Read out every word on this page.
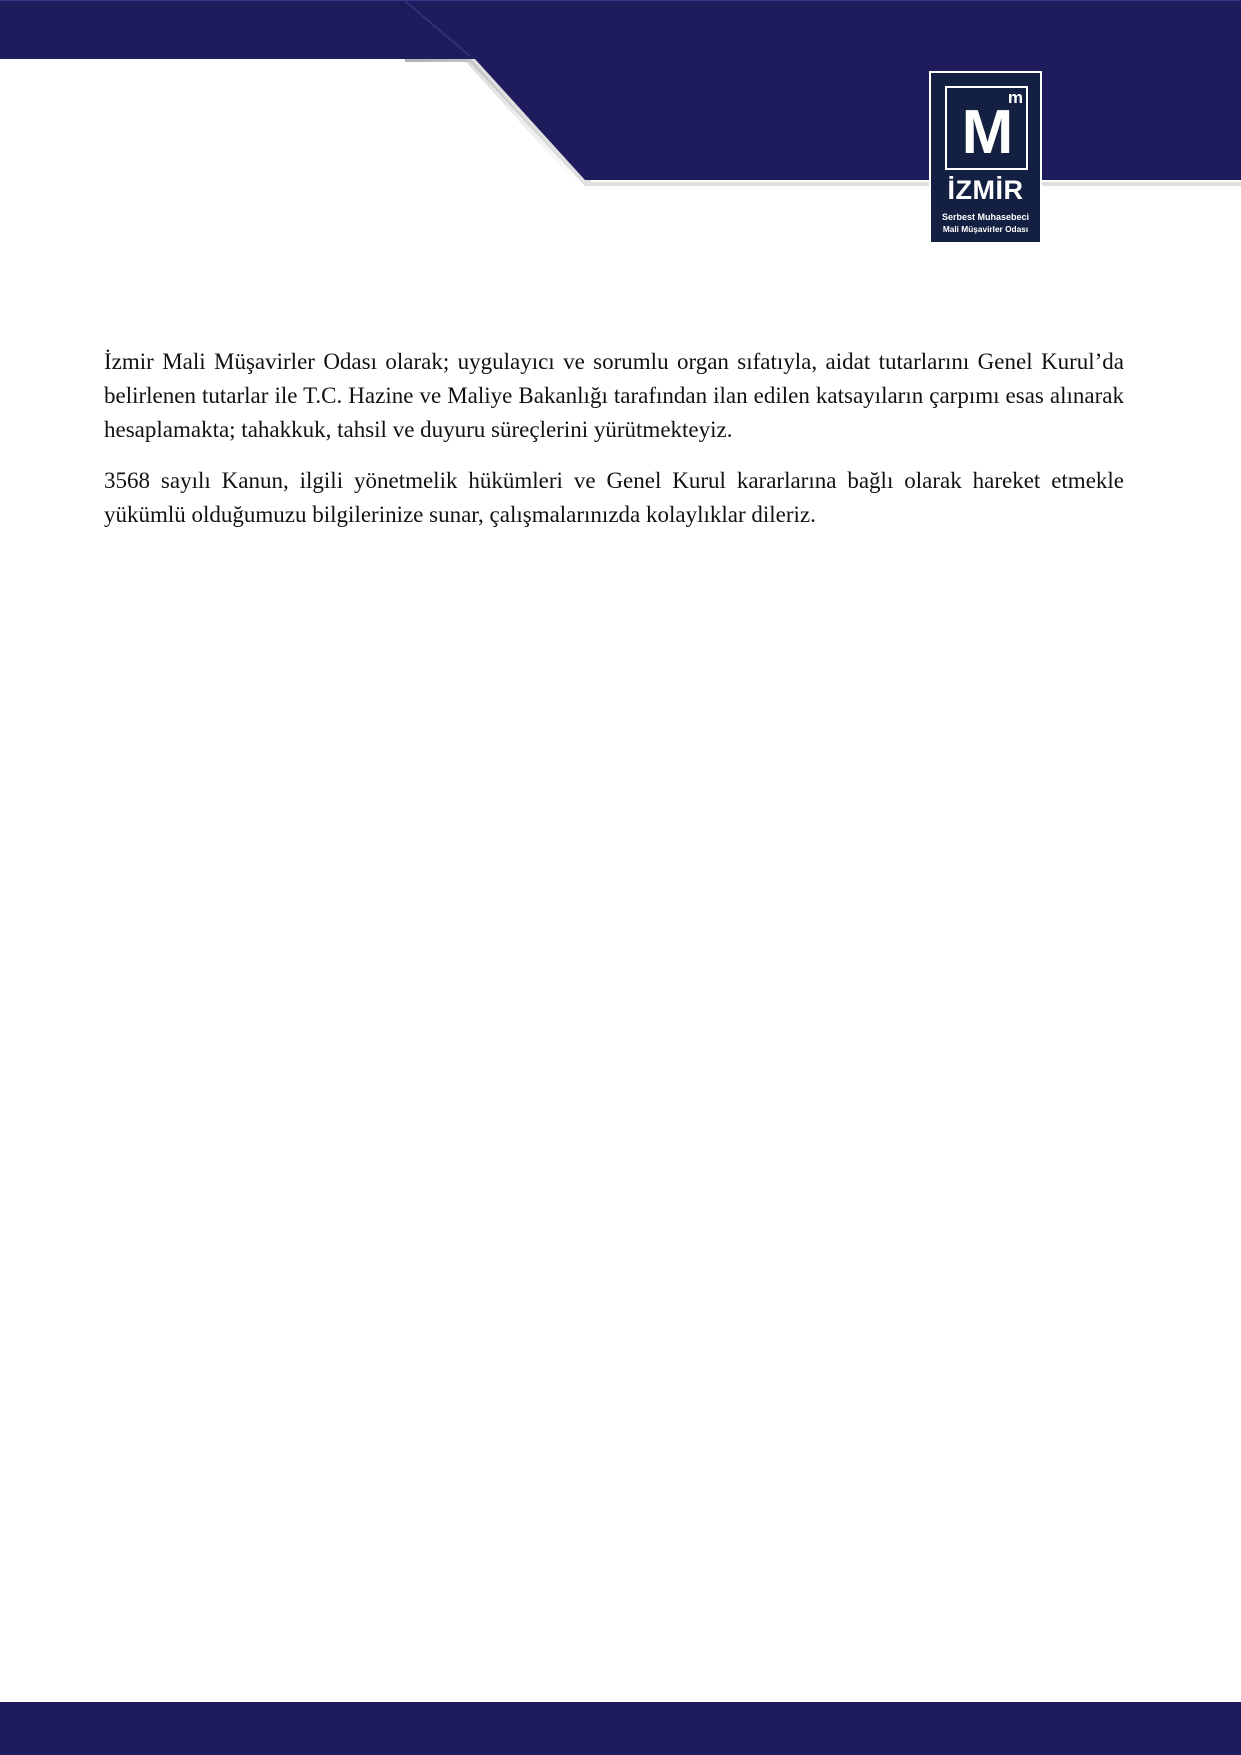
M
m
İZMİR
Serbest Muhasebeci
Mali Müşavirler Odası

İzmir Mali Müşavirler Odası olarak; uygulayıcı ve sorumlu organ sıfatıyla, aidat tutarlarını Genel Kurul’da belirlenen tutarlar ile T.C. Hazine ve Maliye Bakanlığı tarafından ilan edilen katsayıların çarpımı esas alınarak hesaplamakta; tahakkuk, tahsil ve duyuru süreçlerini yürütmekteyiz.

3568 sayılı Kanun, ilgili yönetmelik hükümleri ve Genel Kurul kararlarına bağlı olarak hareket etmekle yükümlü olduğumuzu bilgilerinize sunar, çalışmalarınızda kolaylıklar dileriz.
